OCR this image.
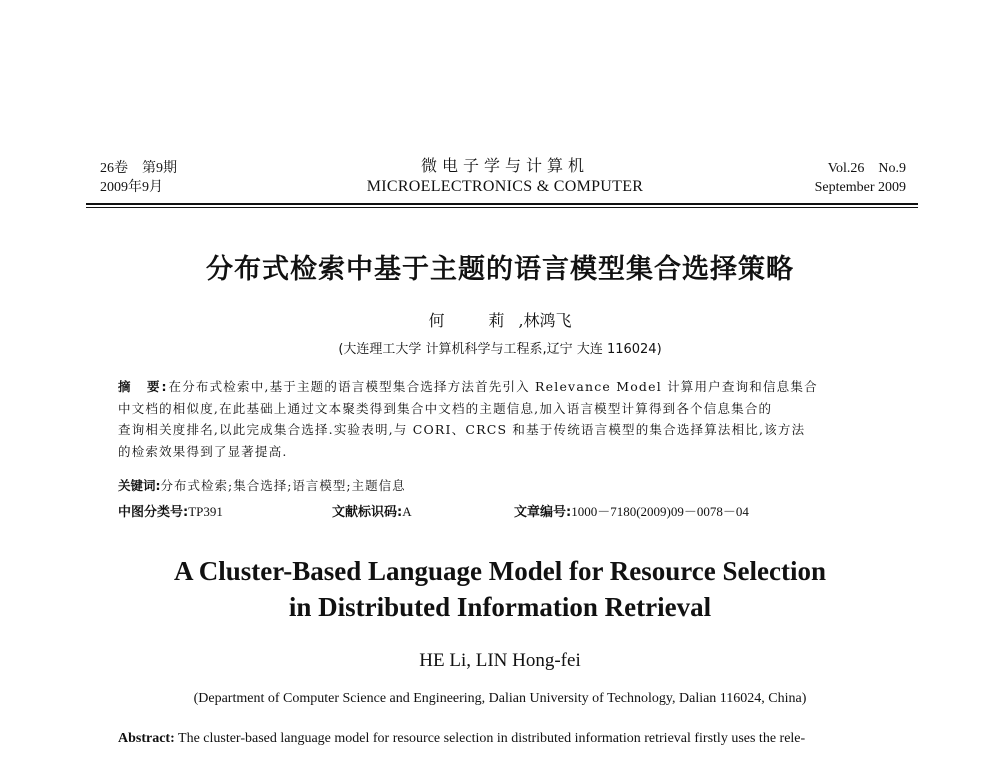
26卷　第9期
2009年9月
微电子学与计算机
MICROELECTRONICS & COMPUTER
Vol.26　No.9
September 2009
分布式检索中基于主题的语言模型集合选择策略
何　莉,林鸿飞
(大连理工大学 计算机科学与工程系,辽宁 大连 116024)
摘　要:在分布式检索中,基于主题的语言模型集合选择方法首先引入 Relevance Model 计算用户查询和信息集合
中文档的相似度,在此基础上通过文本聚类得到集合中文档的主题信息,加入语言模型计算得到各个信息集合的
查询相关度排名,以此完成集合选择.实验表明,与 CORI、CRCS 和基于传统语言模型的集合选择算法相比,该方法
的检索效果得到了显著提高.
关键词:分布式检索;集合选择;语言模型;主题信息
中图分类号:TP391	文献标识码:A	文章编号:1000－7180(2009)09－0078－04
A Cluster-Based Language Model for Resource Selection
in Distributed Information Retrieval
HE Li, LIN Hong-fei
(Department of Computer Science and Engineering, Dalian University of Technology, Dalian 116024, China)
Abstract: The cluster-based language model for resource selection in distributed information retrieval firstly uses the rele-
